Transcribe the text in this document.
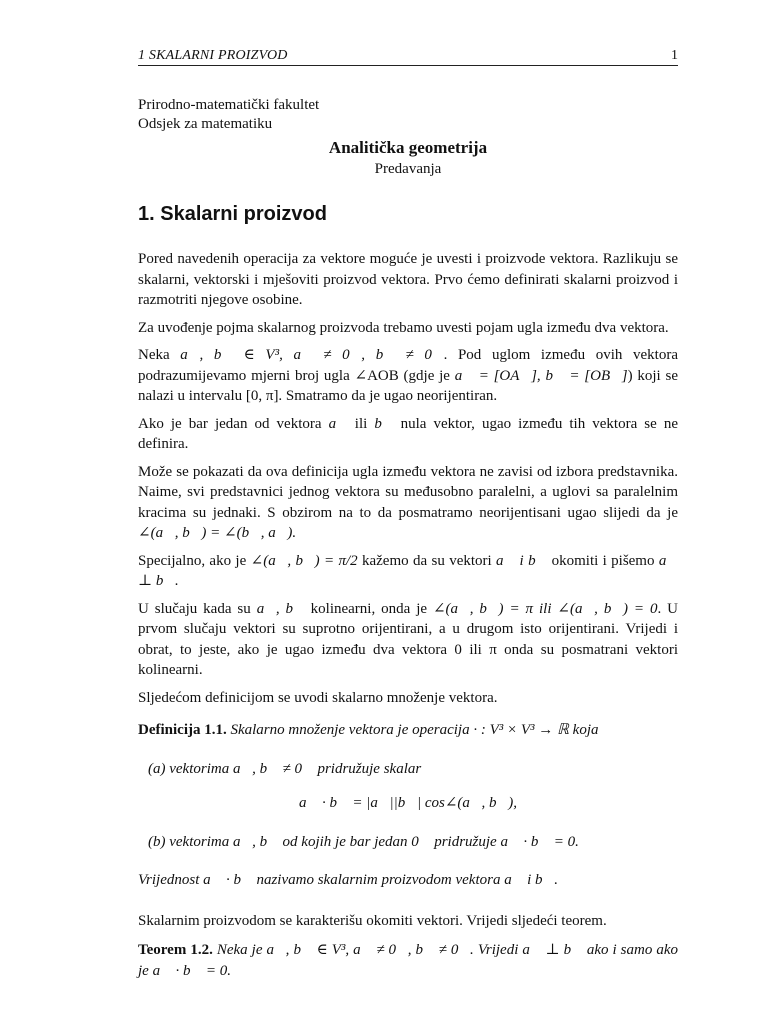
1 SKALARNI PROIZVOD	1
Prirodno-matematički fakultet
Odsjek za matematiku
Analitička geometrija
Predavanja
1. Skalarni proizvod

Pored navedenih operacija za vektore moguće je uvesti i proizvode vektora. Razlikuju se skalarni, vektorski i mješoviti proizvod vektora. Prvo ćemo definirati skalarni proizvod i razmotriti njegove osobine.

Za uvođenje pojma skalarnog proizvoda trebamo uvesti pojam ugla između dva vektora.

Neka a⃗, b⃗ ∈ V³, a⃗ ≠ 0⃗, b⃗ ≠ 0⃗. Pod uglom između ovih vektora podrazumijevamo mjerni broj ugla ∠AOB (gdje je a⃗ = [OA⃗], b⃗ = [OB⃗]) koji se nalazi u intervalu [0, π]. Smatramo da je ugao neorijentiran.

Ako je bar jedan od vektora a⃗ ili b⃗ nula vektor, ugao između tih vektora se ne definira.

Može se pokazati da ova definicija ugla između vektora ne zavisi od izbora predstavnika. Naime, svi predstavnici jednog vektora su međusobno paralelni, a uglovi sa paralelnim kracima su jednaki. S obzirom na to da posmatramo neorijentisani ugao slijedi da je ∠(a⃗, b⃗) = ∠(b⃗, a⃗).

Specijalno, ako je ∠(a⃗, b⃗) = π/2 kažemo da su vektori a⃗ i b⃗ okomiti i pišemo a⃗ ⊥ b⃗.

U slučaju kada su a⃗, b⃗ kolinearni, onda je ∠(a⃗, b⃗) = π ili ∠(a⃗, b⃗) = 0. U prvom slučaju vektori su suprotno orijentirani, a u drugom isto orijentirani. Vrijedi i obrat, to jeste, ako je ugao između dva vektora 0 ili π onda su posmatrani vektori kolinearni.

Sljedećom definicijom se uvodi skalarno množenje vektora.

Definicija 1.1. Skalarno množenje vektora je operacija · : V³ × V³ → ℝ koja

(a) vektorima a⃗, b⃗ ≠ 0⃗ pridružuje skalar
a⃗ · b⃗ = |a⃗||b⃗| cos∠(a⃗, b⃗),
(b) vektorima a⃗, b⃗ od kojih je bar jedan 0⃗ pridružuje a⃗ · b⃗ = 0.

Vrijednost a⃗ · b⃗ nazivamo skalarnim proizvodom vektora a⃗ i b⃗.

Skalarnim proizvodom se karakterišu okomiti vektori. Vrijedi sljedeći teorem.

Teorem 1.2. Neka je a⃗, b⃗ ∈ V³, a⃗ ≠ 0⃗, b⃗ ≠ 0⃗. Vrijedi a⃗ ⊥ b⃗ ako i samo ako je a⃗ · b⃗ = 0.
